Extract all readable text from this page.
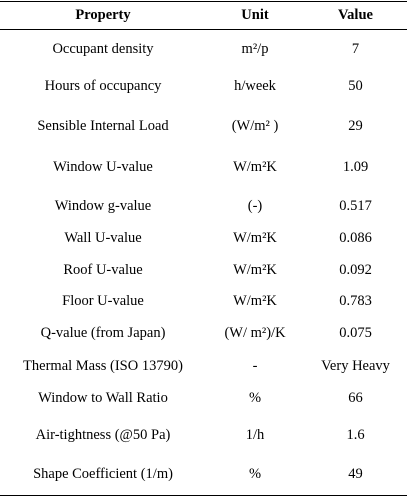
Property	Unit	Value
Occupant density	m²/p	7
Hours of occupancy	h/week	50
Sensible Internal Load	(W/m² )	29
Window U-value	W/m²K	1.09
Window g-value	(-)	0.517
Wall U-value	W/m²K	0.086
Roof U-value	W/m²K	0.092
Floor U-value	W/m²K	0.783
Q-value (from Japan)	(W/ m²)/K	0.075
Thermal Mass (ISO 13790)	-	Very Heavy
Window to Wall Ratio	%	66
Air-tightness (@50 Pa)	1/h	1.6
Shape Coefficient (1/m)	%	49
